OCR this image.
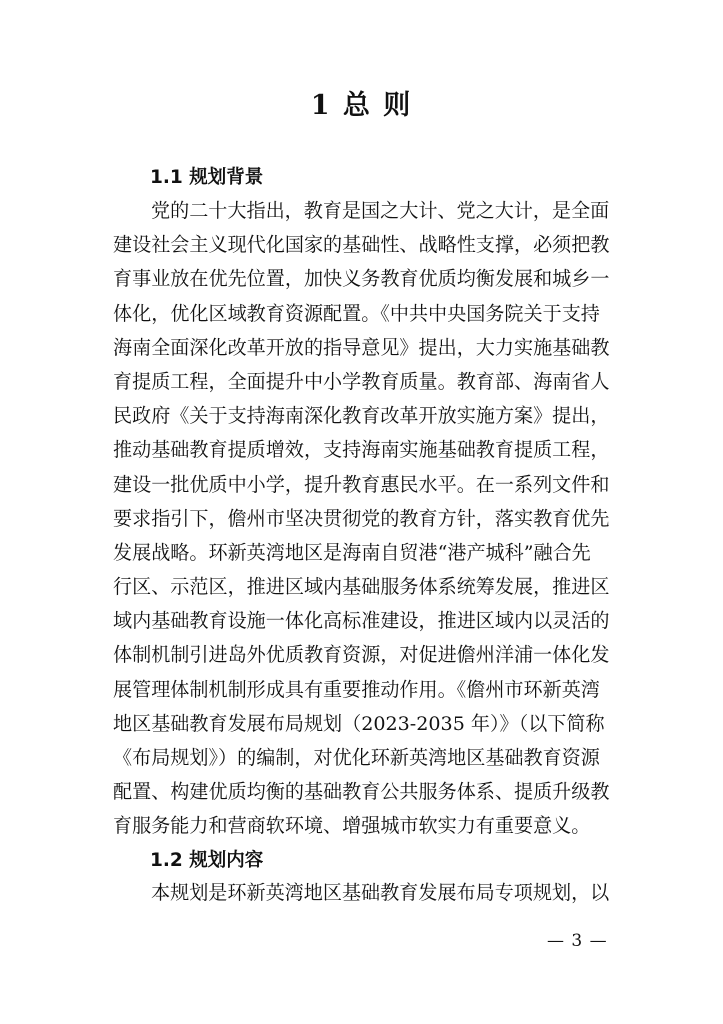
1 总 则
1.1 规划背景
党的二十大指出，教育是国之大计、党之大计，是全面
建设社会主义现代化国家的基础性、战略性支撑，必须把教
育事业放在优先位置，加快义务教育优质均衡发展和城乡一
体化，优化区域教育资源配置。《中共中央国务院关于支持
海南全面深化改革开放的指导意见》提出，大力实施基础教
育提质工程，全面提升中小学教育质量。教育部、海南省人
民政府《关于支持海南深化教育改革开放实施方案》提出，
推动基础教育提质增效，支持海南实施基础教育提质工程，
建设一批优质中小学，提升教育惠民水平。在一系列文件和
要求指引下，儋州市坚决贯彻党的教育方针，落实教育优先
发展战略。环新英湾地区是海南自贸港“港产城科”融合先
行区、示范区，推进区域内基础服务体系统筹发展，推进区
域内基础教育设施一体化高标准建设，推进区域内以灵活的
体制机制引进岛外优质教育资源，对促进儋州洋浦一体化发
展管理体制机制形成具有重要推动作用。《儋州市环新英湾
地区基础教育发展布局规划（2023-2035 年）》（以下简称
《布局规划》）的编制，对优化环新英湾地区基础教育资源
配置、构建优质均衡的基础教育公共服务体系、提质升级教
育服务能力和营商软环境、增强城市软实力有重要意义。
1.2 规划内容
本规划是环新英湾地区基础教育发展布局专项规划，以
— 3 —
